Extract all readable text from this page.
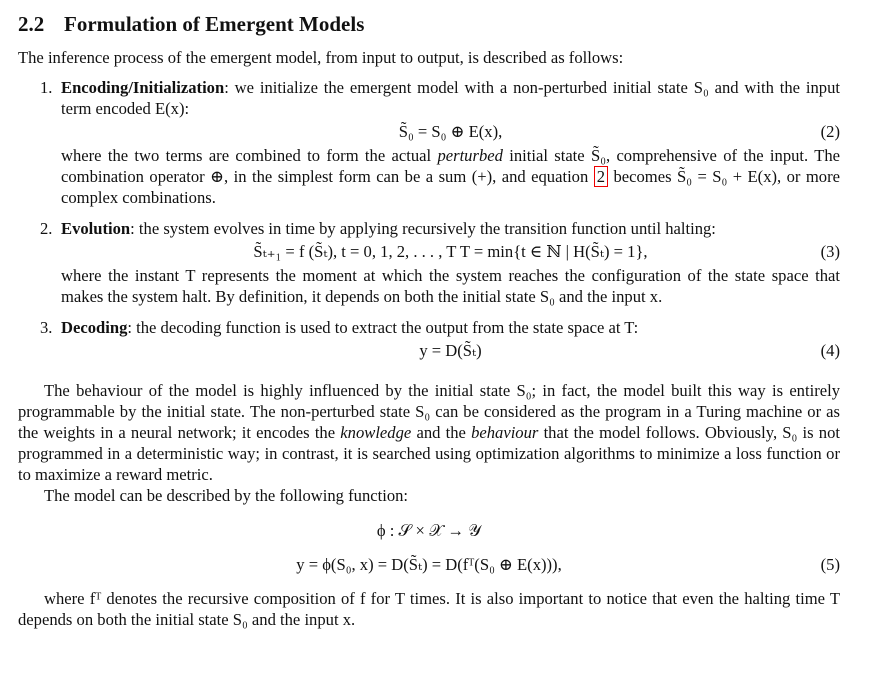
2.2 Formulation of Emergent Models

The inference process of the emergent model, from input to output, is described as follows:

1. Encoding/Initialization: we initialize the emergent model with a non-perturbed initial state S₀ and with the input term encoded E(x):

S̃₀ = S₀ ⊕ E(x),	(2)

where the two terms are combined to form the actual perturbed initial state S̃₀, comprehensive of the input. The combination operator ⊕, in the simplest form can be a sum (+), and equation 2 becomes S̃₀ = S₀ + E(x), or more complex combinations.

2. Evolution: the system evolves in time by applying recursively the transition function until halting:

S̃ₜ₊₁ = f (S̃ₜ), t = 0, 1, 2, . . . , T T = min{t ∈ ℕ | H(S̃ₜ) = 1},	(3)

where the instant T represents the moment at which the system reaches the configuration of the state space that makes the system halt. By definition, it depends on both the initial state S₀ and the input x.

3. Decoding: the decoding function is used to extract the output from the state space at T:

y = D(S̃ₜ)	(4)

The behaviour of the model is highly influenced by the initial state S₀; in fact, the model built this way is entirely programmable by the initial state. The non-perturbed state S₀ can be considered as the program in a Turing machine or as the weights in a neural network; it encodes the knowledge and the behaviour that the model follows. Obviously, S₀ is not programmed in a deterministic way; in contrast, it is searched using optimization algorithms to minimize a loss function or to maximize a reward metric.

The model can be described by the following function:

ϕ : 𝒮 × 𝒳 → 𝒴
y = ϕ(S₀, x) = D(S̃ₜ) = D(fᵀ(S₀ ⊕ E(x))),	(5)

where fᵀ denotes the recursive composition of f for T times. It is also important to notice that even the halting time T depends on both the initial state S₀ and the input x.
